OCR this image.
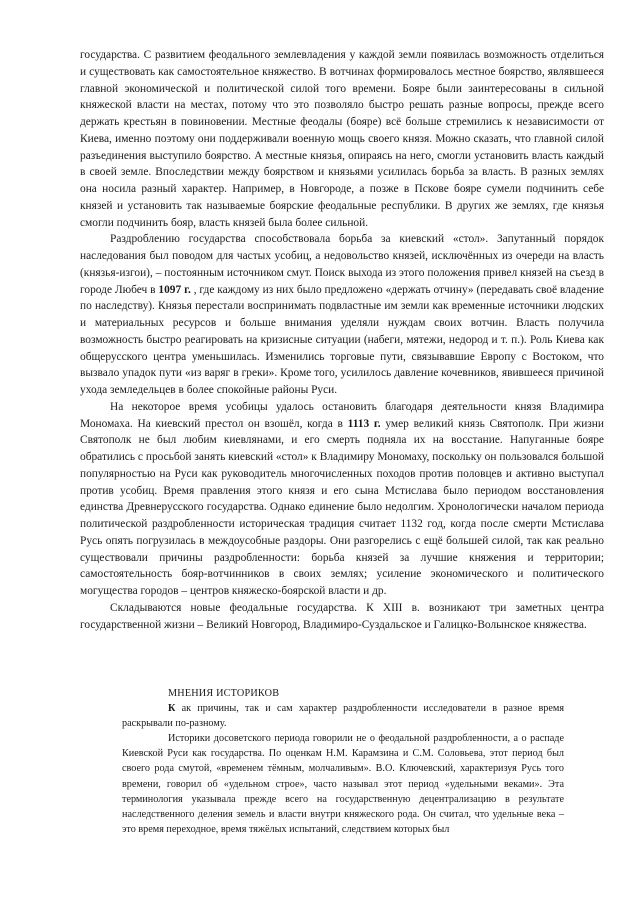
государства. С развитием феодального землевладения у каждой земли появилась возможность отделиться и существовать как самостоятельное княжество. В вотчинах формировалось местное боярство, являвшееся главной экономической и политической силой того времени. Бояре были заинтересованы в сильной княжеской власти на местах, потому что это позволяло быстро решать разные вопросы, прежде всего держать крестьян в повиновении. Местные феодалы (бояре) всё больше стремились к независимости от Киева, именно поэтому они поддерживали военную мощь своего князя. Можно сказать, что главной силой разъединения выступило боярство. А местные князья, опираясь на него, смогли установить власть каждый в своей земле. Впоследствии между боярством и князьями усилилась борьба за власть. В разных землях она носила разный характер. Например, в Новгороде, а позже в Пскове бояре сумели подчинить себе князей и установить так называемые боярские феодальные республики. В других же землях, где князья смогли подчинить бояр, власть князей была более сильной.

Раздроблению государства способствовала борьба за киевский «стол». Запутанный порядок наследования был поводом для частых усобиц, а недовольство князей, исключённых из очереди на власть (князья-изгои), – постоянным источником смут. Поиск выхода из этого положения привел князей на съезд в городе Любеч в 1097 г. , где каждому из них было предложено «держать отчину» (передавать своё владение по наследству). Князья перестали воспринимать подвластные им земли как временные источники людских и материальных ресурсов и больше внимания уделяли нуждам своих вотчин. Власть получила возможность быстро реагировать на кризисные ситуации (набеги, мятежи, недород и т. п.). Роль Киева как общерусского центра уменьшилась. Изменились торговые пути, связывавшие Европу с Востоком, что вызвало упадок пути «из варяг в греки». Кроме того, усилилось давление кочевников, явившееся причиной ухода земледельцев в более спокойные районы Руси.

На некоторое время усобицы удалось остановить благодаря деятельности князя Владимира Мономаха. На киевский престол он взошёл, когда в 1113 г. умер великий князь Святополк. При жизни Святополк не был любим киевлянами, и его смерть подняла их на восстание. Напуганные бояре обратились с просьбой занять киевский «стол» к Владимиру Мономаху, поскольку он пользовался большой популярностью на Руси как руководитель многочисленных походов против половцев и активно выступал против усобиц. Время правления этого князя и его сына Мстислава было периодом восстановления единства Древнерусского государства. Однако единение было недолгим. Хронологически началом периода политической раздробленности историческая традиция считает 1132 год, когда после смерти Мстислава Русь опять погрузилась в междоусобные раздоры. Они разгорелись с ещё большей силой, так как реально существовали причины раздробленности: борьба князей за лучшие княжения и территории; самостоятельность бояр-вотчинников в своих землях; усиление экономического и политического могущества городов – центров княжеско-боярской власти и др.

Складываются новые феодальные государства. К XIII в. возникают три заметных центра государственной жизни – Великий Новгород, Владимиро-Суздальское и Галицко-Волынское княжества.

МНЕНИЯ ИСТОРИКОВ

К ак причины, так и сам характер раздробленности исследователи в разное время раскрывали по-разному.

Историки досоветского периода говорили не о феодальной раздробленности, а о распаде Киевской Руси как государства. По оценкам Н.М. Карамзина и С.М. Соловьева, этот период был своего рода смутой, «временем тёмным, молчаливым». В.О. Ключевский, характеризуя Русь того времени, говорил об «удельном строе», часто называл этот период «удельными веками». Эта терминология указывала прежде всего на государственную децентрализацию в результате наследственного деления земель и власти внутри княжеского рода. Он считал, что удельные века – это время переходное, время тяжёлых испытаний, следствием которых был
